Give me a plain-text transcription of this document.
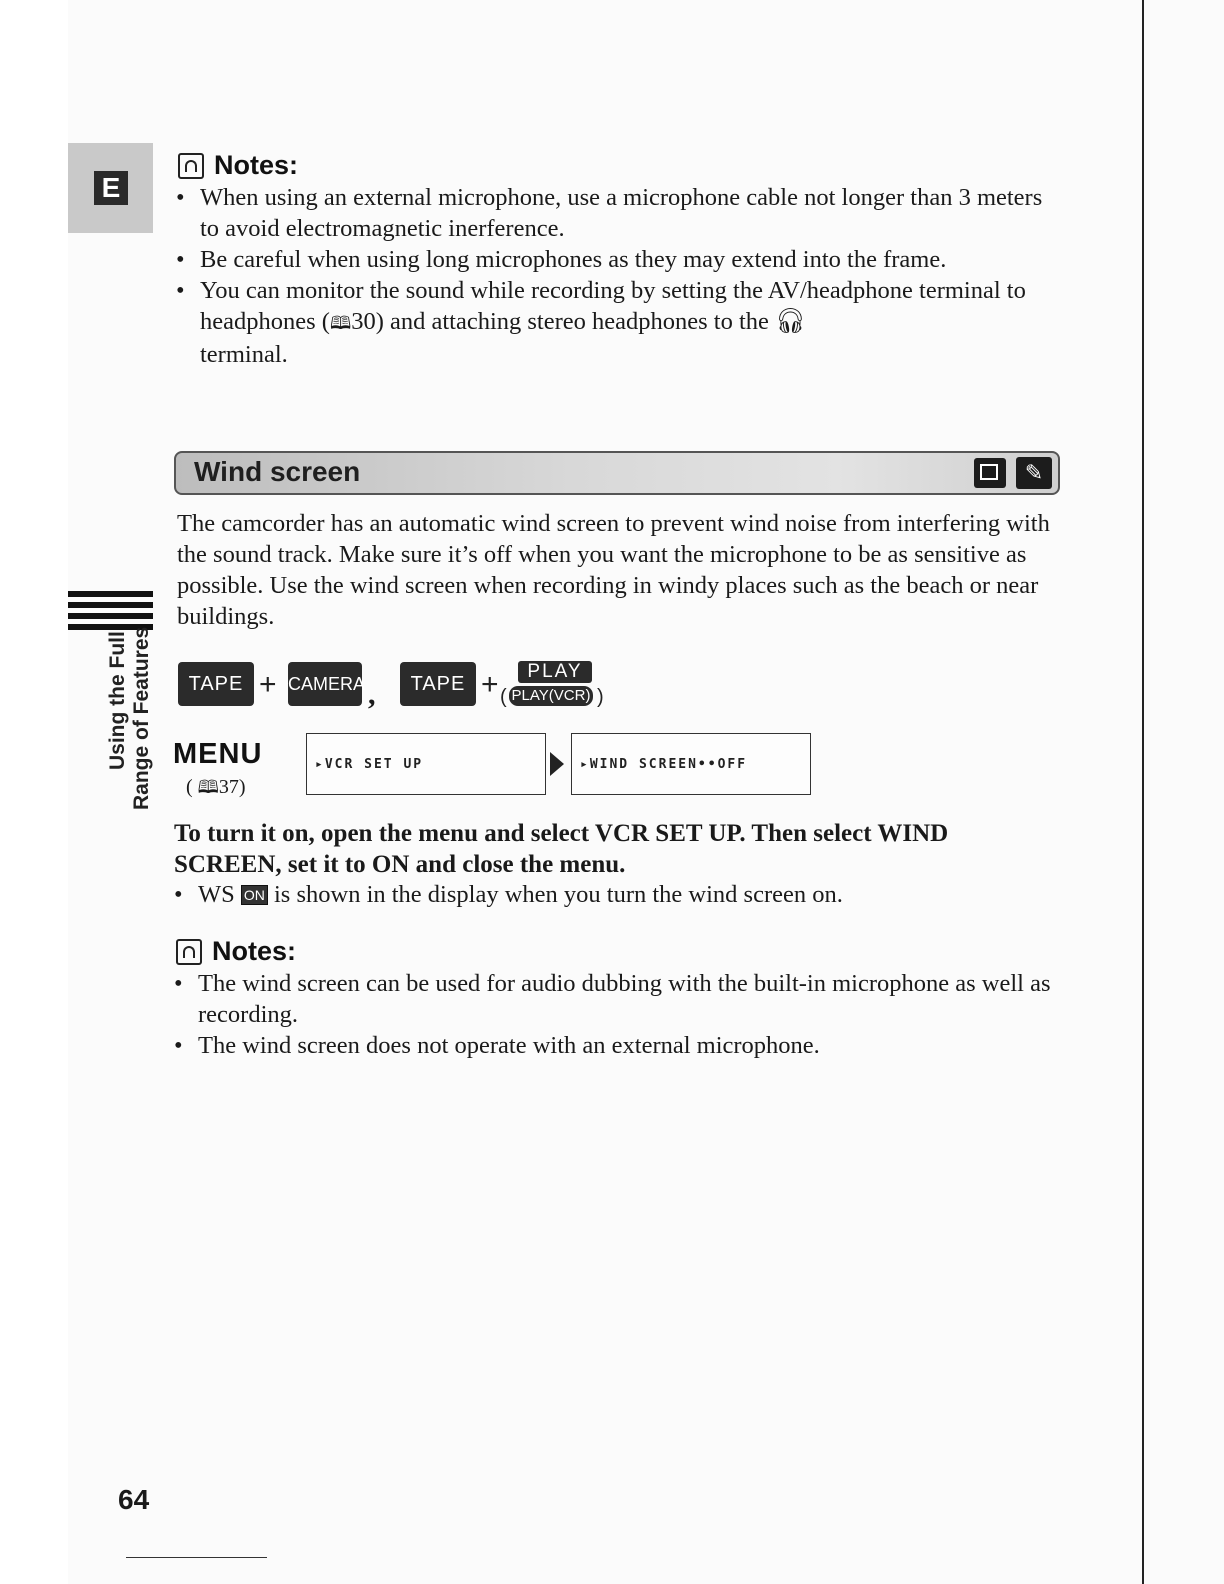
E
Using the Full Range of Features
Notes:
• When using an external microphone, use a microphone cable not longer than 3 meters to avoid electromagnetic inerference.
• Be careful when using long microphones as they may extend into the frame.
• You can monitor the sound while recording by setting the AV/headphone terminal to headphones (🕮30) and attaching stereo headphones to the 🎧︎
terminal.
Wind screen	✎
The camcorder has an automatic wind screen to prevent wind noise from interfering with the sound track. Make sure it’s off when you want the microphone to be as sensitive as possible. Use the wind screen when recording in windy places such as the beach or near buildings.
TAPE + CAMERA ,	TAPE + (
PLAY
PLAY(VCR) )
MENU
( 🕮37)
▸VCR SET UP	▸WIND SCREEN••OFF
To turn it on, open the menu and select VCR SET UP. Then select WIND SCREEN, set it to ON and close the menu.
• WS ON is shown in the display when you turn the wind screen on.
Notes:
• The wind screen can be used for audio dubbing with the built-in microphone as well as recording.
• The wind screen does not operate with an external microphone.
64
